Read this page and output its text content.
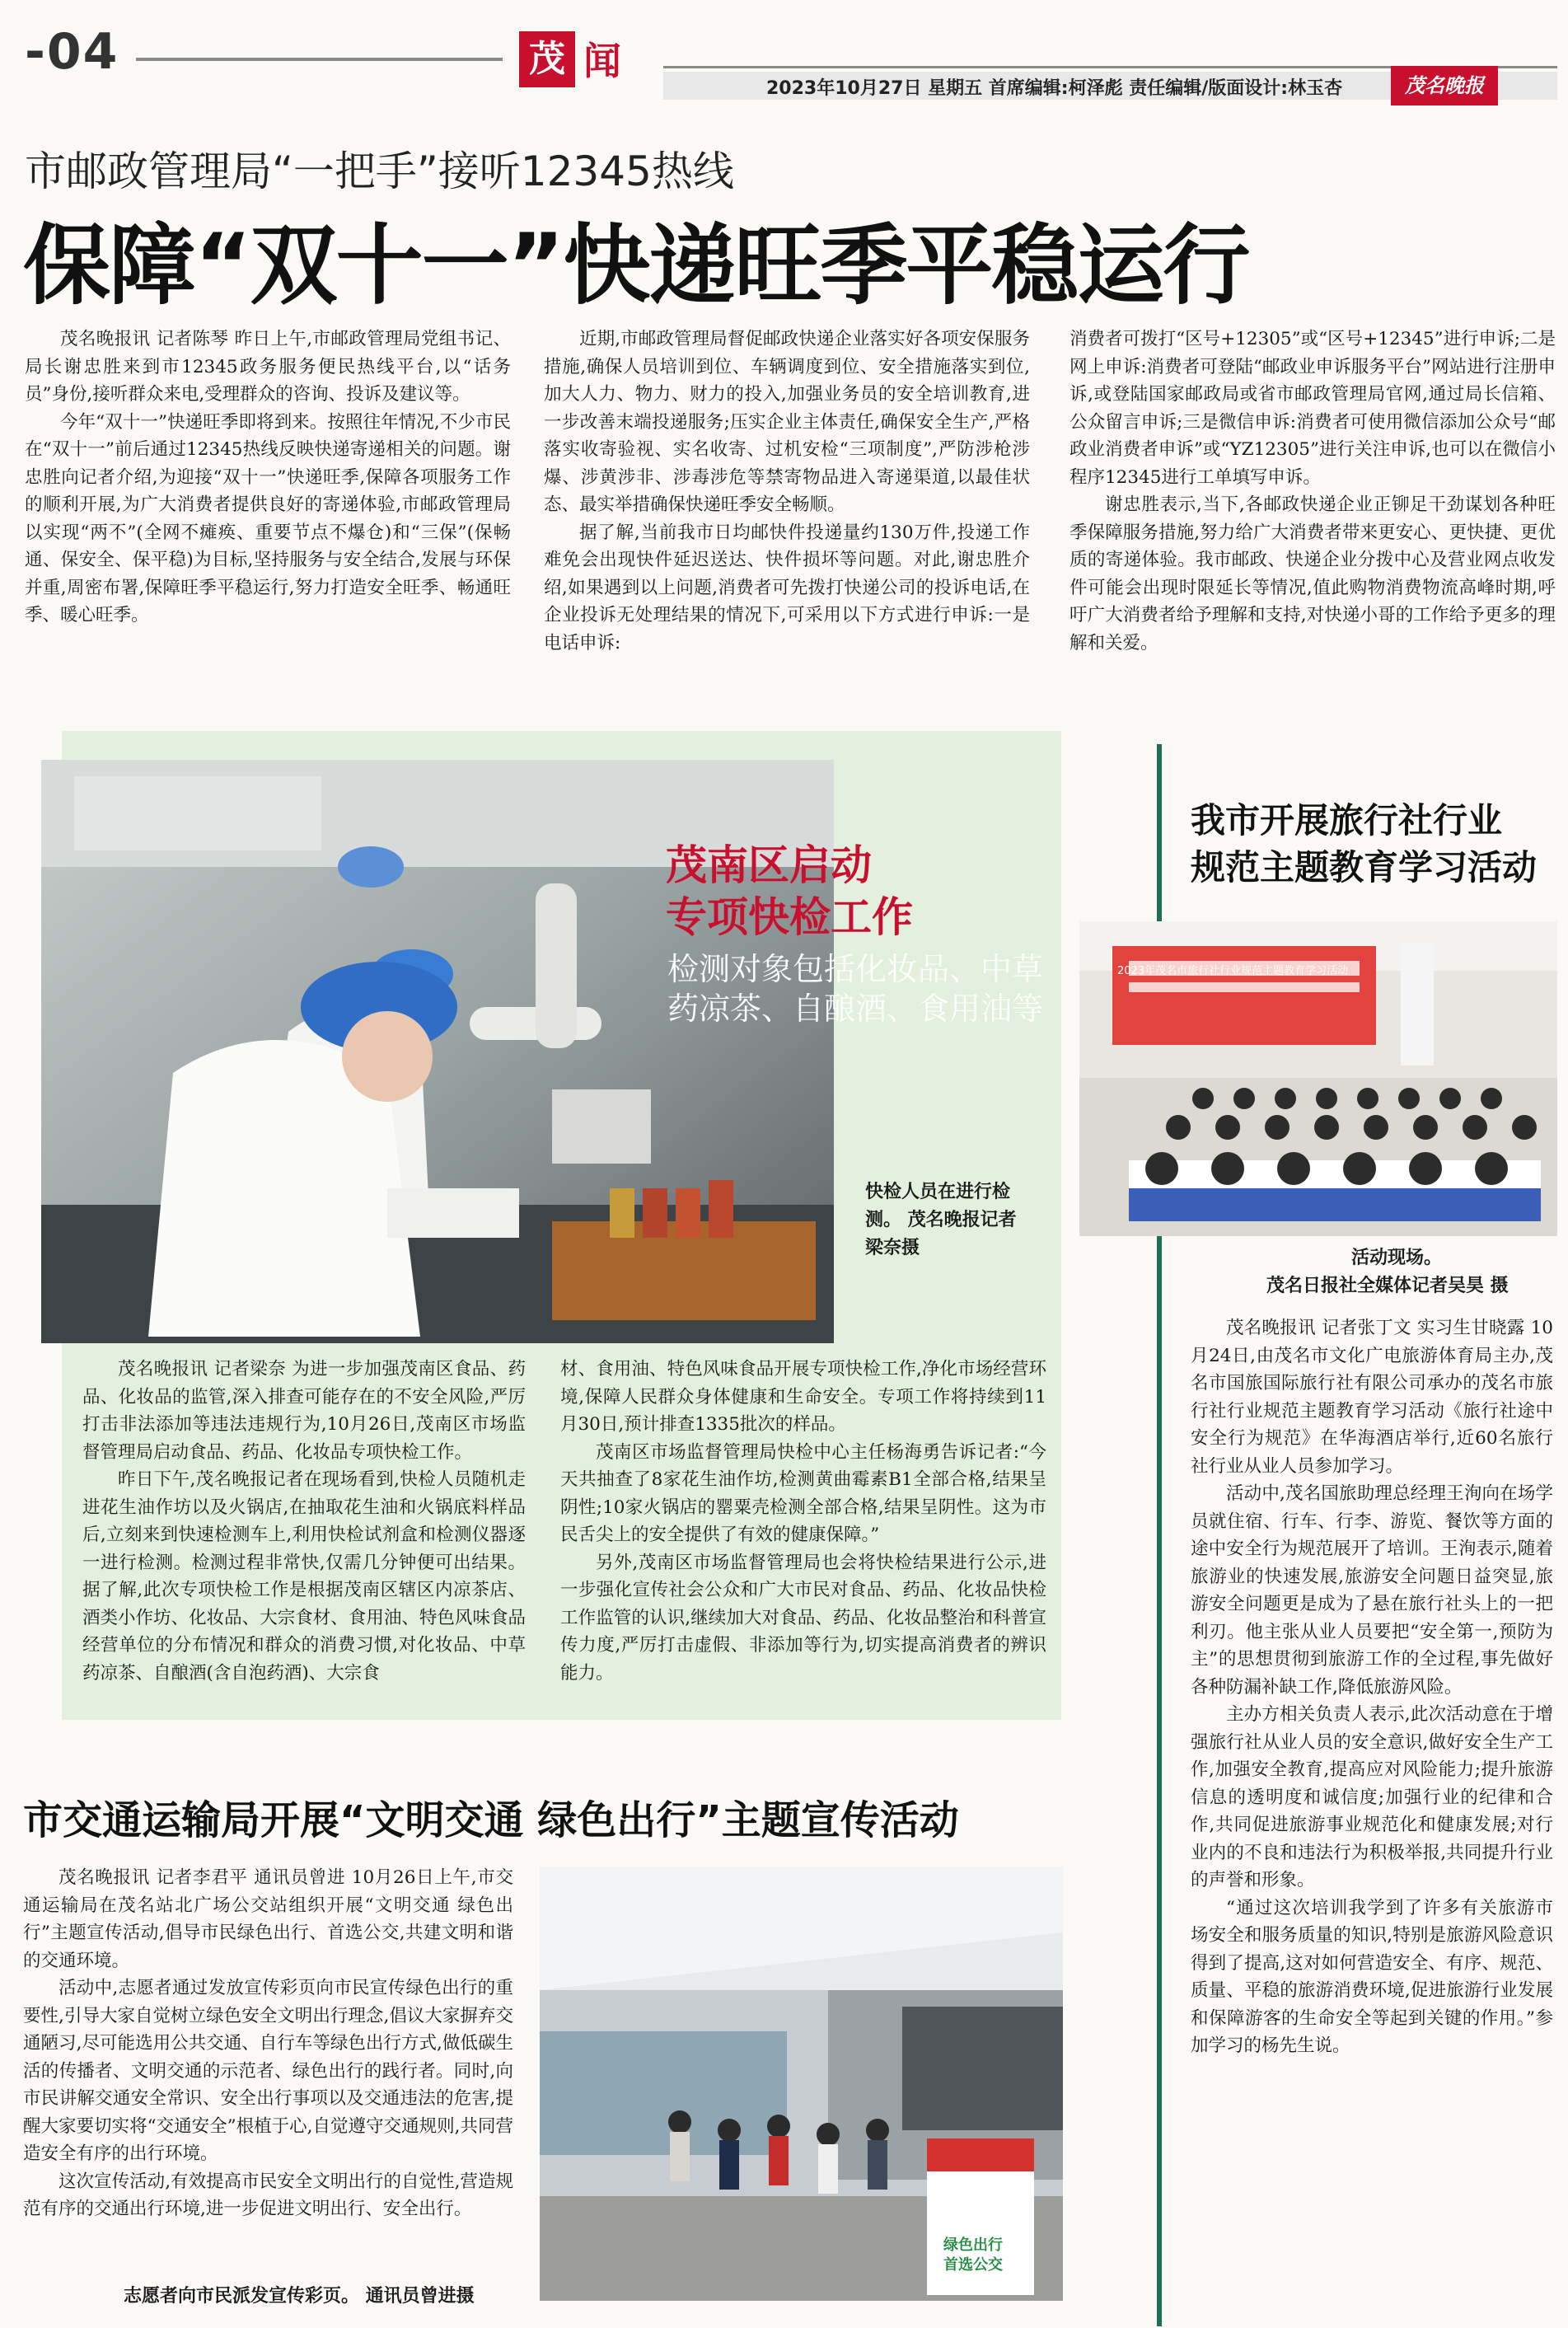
-04	茂 闻
2023年10月27日 星期五 首席编辑:柯泽彪 责任编辑/版面设计:林玉杏	茂名晚报
市邮政管理局“一把手”接听12345热线
保障“双十一”快递旺季平稳运行

茂名晚报讯 记者陈琴 昨日上午,市邮政管理局党组书记、局长谢忠胜来到市12345政务服务便民热线平台,以“话务员”身份,接听群众来电,受理群众的咨询、投诉及建议等。

今年“双十一”快递旺季即将到来。按照往年情况,不少市民在“双十一”前后通过12345热线反映快递寄递相关的问题。谢忠胜向记者介绍,为迎接“双十一”快递旺季,保障各项服务工作的顺利开展,为广大消费者提供良好的寄递体验,市邮政管理局以实现“两不”(全网不瘫痪、重要节点不爆仓)和“三保”(保畅通、保安全、保平稳)为目标,坚持服务与安全结合,发展与环保并重,周密布署,保障旺季平稳运行,努力打造安全旺季、畅通旺季、暖心旺季。

近期,市邮政管理局督促邮政快递企业落实好各项安保服务措施,确保人员培训到位、车辆调度到位、安全措施落实到位,加大人力、物力、财力的投入,加强业务员的安全培训教育,进一步改善末端投递服务;压实企业主体责任,确保安全生产,严格落实收寄验视、实名收寄、过机安检“三项制度”,严防涉枪涉爆、涉黄涉非、涉毒涉危等禁寄物品进入寄递渠道,以最佳状态、最实举措确保快递旺季安全畅顺。

据了解,当前我市日均邮快件投递量约130万件,投递工作难免会出现快件延迟送达、快件损坏等问题。对此,谢忠胜介绍,如果遇到以上问题,消费者可先拨打快递公司的投诉电话,在企业投诉无处理结果的情况下,可采用以下方式进行申诉:一是电话申诉:

消费者可拨打“区号+12305”或“区号+12345”进行申诉;二是网上申诉:消费者可登陆“邮政业申诉服务平台”网站进行注册申诉,或登陆国家邮政局或省市邮政管理局官网,通过局长信箱、公众留言申诉;三是微信申诉:消费者可使用微信添加公众号“邮政业消费者申诉”或“YZ12305”进行关注申诉,也可以在微信小程序12345进行工单填写申诉。

谢忠胜表示,当下,各邮政快递企业正铆足干劲谋划各种旺季保障服务措施,努力给广大消费者带来更安心、更快捷、更优质的寄递体验。我市邮政、快递企业分拨中心及营业网点收发件可能会出现时限延长等情况,值此购物消费物流高峰时期,呼吁广大消费者给予理解和支持,对快递小哥的工作给予更多的理解和关爱。

茂南区启动
专项快检工作
检测对象包括化妆品、中草
药凉茶、自酿酒、食用油等
快检人员在进行检测。 茂名晚报记者梁奈摄

茂名晚报讯 记者梁奈 为进一步加强茂南区食品、药品、化妆品的监管,深入排查可能存在的不安全风险,严厉打击非法添加等违法违规行为,10月26日,茂南区市场监督管理局启动食品、药品、化妆品专项快检工作。

昨日下午,茂名晚报记者在现场看到,快检人员随机走进花生油作坊以及火锅店,在抽取花生油和火锅底料样品后,立刻来到快速检测车上,利用快检试剂盒和检测仪器逐一进行检测。检测过程非常快,仅需几分钟便可出结果。据了解,此次专项快检工作是根据茂南区辖区内凉茶店、酒类小作坊、化妆品、大宗食材、食用油、特色风味食品经营单位的分布情况和群众的消费习惯,对化妆品、中草药凉茶、自酿酒(含自泡药酒)、大宗食

材、食用油、特色风味食品开展专项快检工作,净化市场经营环境,保障人民群众身体健康和生命安全。专项工作将持续到11月30日,预计排查1335批次的样品。

茂南区市场监督管理局快检中心主任杨海勇告诉记者:“今天共抽查了8家花生油作坊,检测黄曲霉素B1全部合格,结果呈阴性;10家火锅店的罂粟壳检测全部合格,结果呈阴性。这为市民舌尖上的安全提供了有效的健康保障。”

另外,茂南区市场监督管理局也会将快检结果进行公示,进一步强化宣传社会公众和广大市民对食品、药品、化妆品快检工作监管的认识,继续加大对食品、药品、化妆品整治和科普宣传力度,严厉打击虚假、非添加等行为,切实提高消费者的辨识能力。

我市开展旅行社行业
规范主题教育学习活动
2023年茂名市旅行社行业规范主题教育学习活动
活动现场。
茂名日报社全媒体记者吴昊 摄

茂名晚报讯 记者张丁文 实习生甘晓露 10月24日,由茂名市文化广电旅游体育局主办,茂名市国旅国际旅行社有限公司承办的茂名市旅行社行业规范主题教育学习活动《旅行社途中安全行为规范》在华海酒店举行,近60名旅行社行业从业人员参加学习。

活动中,茂名国旅助理总经理王洵向在场学员就住宿、行车、行李、游览、餐饮等方面的途中安全行为规范展开了培训。王洵表示,随着旅游业的快速发展,旅游安全问题日益突显,旅游安全问题更是成为了悬在旅行社头上的一把利刃。他主张从业人员要把“安全第一,预防为主”的思想贯彻到旅游工作的全过程,事先做好各种防漏补缺工作,降低旅游风险。

主办方相关负责人表示,此次活动意在于增强旅行社从业人员的安全意识,做好安全生产工作,加强安全教育,提高应对风险能力;提升旅游信息的透明度和诚信度;加强行业的纪律和合作,共同促进旅游事业规范化和健康发展;对行业内的不良和违法行为积极举报,共同提升行业的声誉和形象。

“通过这次培训我学到了许多有关旅游市场安全和服务质量的知识,特别是旅游风险意识得到了提高,这对如何营造安全、有序、规范、质量、平稳的旅游消费环境,促进旅游行业发展和保障游客的生命安全等起到关键的作用。”参加学习的杨先生说。

市交通运输局开展“文明交通 绿色出行”主题宣传活动

茂名晚报讯 记者李君平 通讯员曾进 10月26日上午,市交通运输局在茂名站北广场公交站组织开展“文明交通 绿色出行”主题宣传活动,倡导市民绿色出行、首选公交,共建文明和谐的交通环境。

活动中,志愿者通过发放宣传彩页向市民宣传绿色出行的重要性,引导大家自觉树立绿色安全文明出行理念,倡议大家摒弃交通陋习,尽可能选用公共交通、自行车等绿色出行方式,做低碳生活的传播者、文明交通的示范者、绿色出行的践行者。同时,向市民讲解交通安全常识、安全出行事项以及交通违法的危害,提醒大家要切实将“交通安全”根植于心,自觉遵守交通规则,共同营造安全有序的出行环境。

这次宣传活动,有效提高市民安全文明出行的自觉性,营造规范有序的交通出行环境,进一步促进文明出行、安全出行。

绿色出行
首选公交
志愿者向市民派发宣传彩页。 通讯员曾进摄
